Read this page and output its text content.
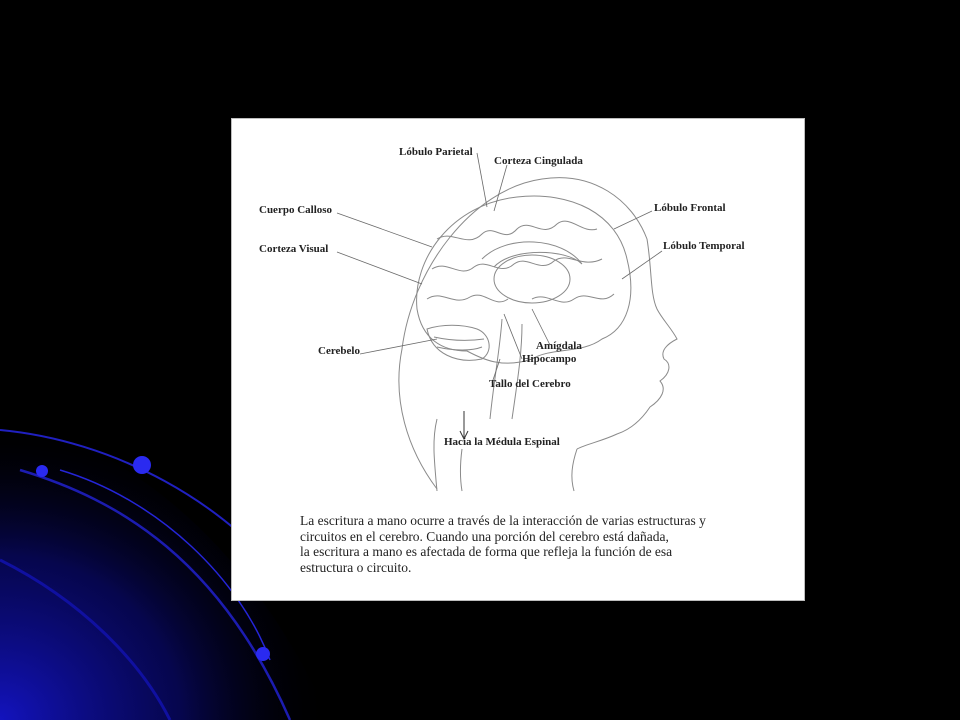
Lóbulo Parietal
Corteza Cingulada
Cuerpo Calloso	Lóbulo Frontal
Corteza Visual	Lóbulo Temporal
Cerebelo	Amígdala
Hipocampo
Tallo del Cerebro
Hacia la Médula Espinal
La escritura a mano ocurre a través de la interacción de varias estructuras y
circuitos en el cerebro. Cuando una porción del cerebro está dañada,
la escritura a mano es afectada de forma que refleja la función de esa
estructura o circuito.
